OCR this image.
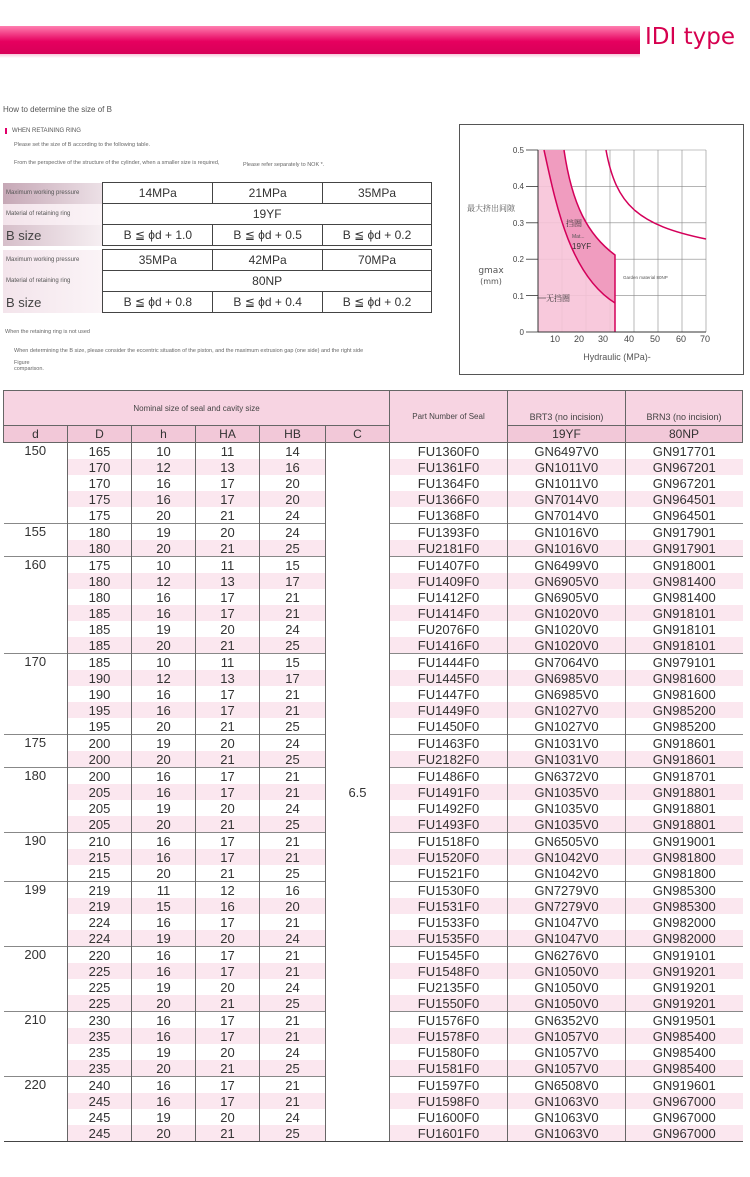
IDI type
How to determine the size of B
WHEN RETAINING RING
Please set the size of B according to the following table.
From the perspective of the structure of the cylinder, when a smaller size is required,	Please refer separately to NOK *.
Maximum working pressure	14MPa	21MPa	35MPa
Material of retaining ring	19YF		
B size	B ≦ ϕd + 1.0	B ≦ ϕd + 0.5	B ≦ ϕd + 0.2
Maximum working pressure	35MPa	42MPa	70MPa
Material of retaining ring	80NP		
B size	B ≦ ϕd + 0.8	B ≦ ϕd + 0.4	B ≦ ϕd + 0.2
When the retaining ring is not used
When determining the B size, please consider the eccentric situation of the piston, and the maximum extrusion gap (one side) and the right side
Figure comparison.
0.5
0.4
0.3
0.2
0.1
0
10 20 30 40 50 60 70
Hydraulic (MPa)-
最大挤出间隙
gmax
(mm)
挡圈
Mat...
19YF
无挡圈
Garden material 80NP
Nominal size of seal and cavity size						Part Number of Seal	BRT3 (no incision)	BRN3 (no incision)
d	D	h	HA	HB	C		19YF	80NP
150	165	10	11	14	6.5	FU1360F0	GN6497V0	GN917701
	170	12	13	16		FU1361F0	GN1011V0	GN967201
	170	16	17	20		FU1364F0	GN1011V0	GN967201
	175	16	17	20		FU1366F0	GN7014V0	GN964501
	175	20	21	24		FU1368F0	GN7014V0	GN964501
155	180	19	20	24		FU1393F0	GN1016V0	GN917901
	180	20	21	25		FU2181F0	GN1016V0	GN917901
160	175	10	11	15		FU1407F0	GN6499V0	GN918001
	180	12	13	17		FU1409F0	GN6905V0	GN981400
	180	16	17	21		FU1412F0	GN6905V0	GN981400
	185	16	17	21		FU1414F0	GN1020V0	GN918101
	185	19	20	24		FU2076F0	GN1020V0	GN918101
	185	20	21	25		FU1416F0	GN1020V0	GN918101
170	185	10	11	15		FU1444F0	GN7064V0	GN979101
	190	12	13	17		FU1445F0	GN6985V0	GN981600
	190	16	17	21		FU1447F0	GN6985V0	GN981600
	195	16	17	21		FU1449F0	GN1027V0	GN985200
	195	20	21	25		FU1450F0	GN1027V0	GN985200
175	200	19	20	24		FU1463F0	GN1031V0	GN918601
	200	20	21	25		FU2182F0	GN1031V0	GN918601
180	200	16	17	21		FU1486F0	GN6372V0	GN918701
	205	16	17	21		FU1491F0	GN1035V0	GN918801
	205	19	20	24		FU1492F0	GN1035V0	GN918801
	205	20	21	25		FU1493F0	GN1035V0	GN918801
190	210	16	17	21		FU1518F0	GN6505V0	GN919001
	215	16	17	21		FU1520F0	GN1042V0	GN981800
	215	20	21	25		FU1521F0	GN1042V0	GN981800
199	219	11	12	16		FU1530F0	GN7279V0	GN985300
	219	15	16	20		FU1531F0	GN7279V0	GN985300
	224	16	17	21		FU1533F0	GN1047V0	GN982000
	224	19	20	24		FU1535F0	GN1047V0	GN982000
200	220	16	17	21		FU1545F0	GN6276V0	GN919101
	225	16	17	21		FU1548F0	GN1050V0	GN919201
	225	19	20	24		FU2135F0	GN1050V0	GN919201
	225	20	21	25		FU1550F0	GN1050V0	GN919201
210	230	16	17	21		FU1576F0	GN6352V0	GN919501
	235	16	17	21		FU1578F0	GN1057V0	GN985400
	235	19	20	24		FU1580F0	GN1057V0	GN985400
	235	20	21	25		FU1581F0	GN1057V0	GN985400
220	240	16	17	21		FU1597F0	GN6508V0	GN919601
	245	16	17	21		FU1598F0	GN1063V0	GN967000
	245	19	20	24		FU1600F0	GN1063V0	GN967000
	245	20	21	25		FU1601F0	GN1063V0	GN967000
